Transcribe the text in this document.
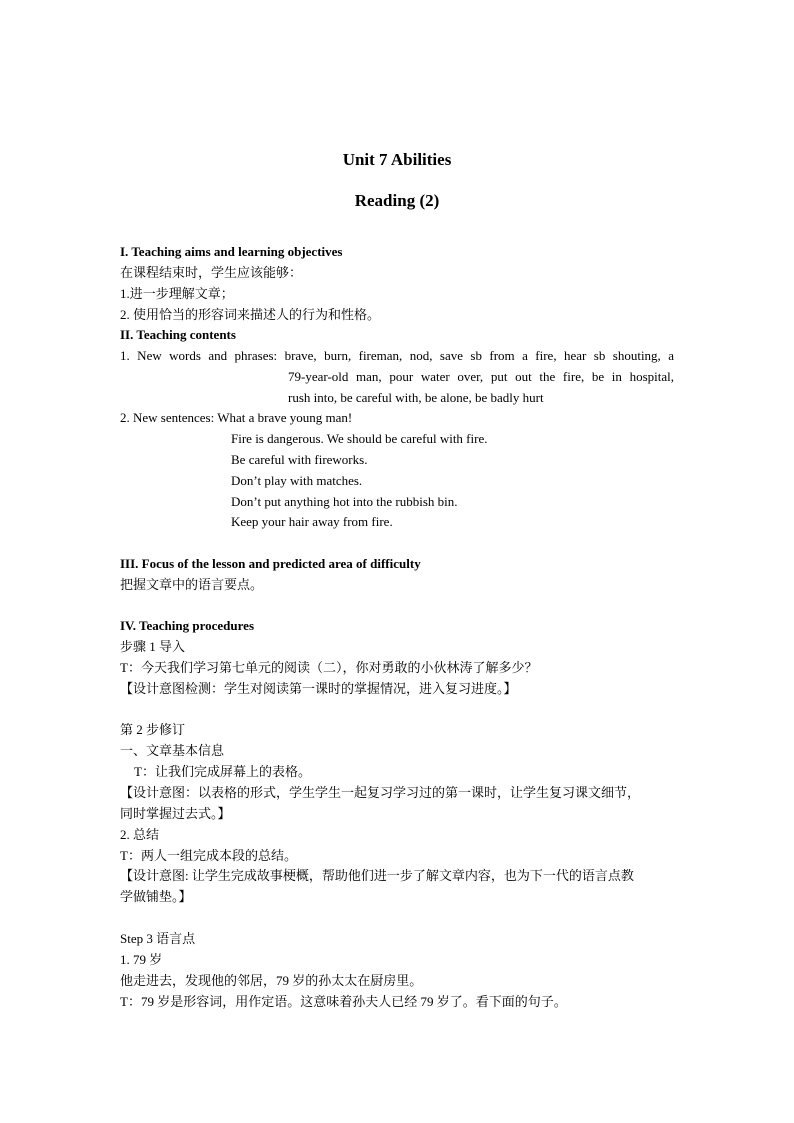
Unit 7 Abilities
Reading (2)
I. Teaching aims and learning objectives
在课程结束时，学生应该能够：
1.进一步理解文章；
2. 使用恰当的形容词来描述人的行为和性格。
II. Teaching contents
1. New words and phrases: brave, burn, fireman, nod, save sb from a fire, hear sb shouting, a
79-year-old man, pour water over, put out the fire, be in hospital,
rush into, be careful with, be alone, be badly hurt
2. New sentences: What a brave young man!
Fire is dangerous. We should be careful with fire.
Be careful with fireworks.
Don’t play with matches.
Don’t put anything hot into the rubbish bin.
Keep your hair away from fire.
III. Focus of the lesson and predicted area of difficulty
把握文章中的语言要点。
IV. Teaching procedures
步骤 1 导入
T：今天我们学习第七单元的阅读（二），你对勇敢的小伙林涛了解多少？
【设计意图检测：学生对阅读第一课时的掌握情况，进入复习进度。】
第 2 步修订
一、文章基本信息
T：让我们完成屏幕上的表格。
【设计意图：以表格的形式，学生学生一起复习学习过的第一课时，让学生复习课文细节，
同时掌握过去式。】
2. 总结
T：两人一组完成本段的总结。
【设计意图: 让学生完成故事梗概，帮助他们进一步了解文章内容，也为下一代的语言点教
学做铺垫。】
Step 3 语言点
1. 79 岁
他走进去，发现他的邻居，79 岁的孙太太在厨房里。
T：79 岁是形容词，用作定语。这意味着孙夫人已经 79 岁了。看下面的句子。
